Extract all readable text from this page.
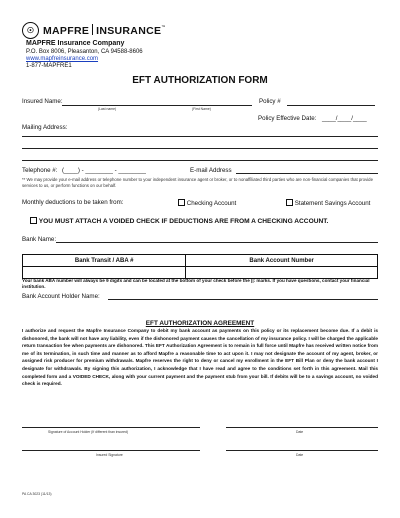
☉ MAPFRE INSURANCE™
MAPFRE Insurance Company
P.O. Box 8006, Pleasanton, CA 94588-8606
www.mapfreinsurance.com
1-877-MAPFRE1
EFT AUTHORIZATION FORM
Insured Name:
(Last name)	(First Name)
Policy #
Policy Effective Date: ____/____/____
Mailing Address:
Telephone #: (____) - ________ - ________	E-mail Address
** We may provide your e-mail address or telephone number to your independent insurance agent or broker, or to nonaffiliated third parties who are non-financial companies that provide services to us, or perform functions on our behalf.
Monthly deductions to be taken from:	Checking Account	Statement Savings Account
YOU MUST ATTACH A VOIDED CHECK IF DEDUCTIONS ARE FROM A CHECKING ACCOUNT.
Bank Name:
Bank Transit / ABA #	Bank Account Number

Your bank ABA number will always be 9 digits and can be located at the bottom of your check before the ||: marks. If you have questions, contact your financial institution.
Bank Account Holder Name:
EFT AUTHORIZATION AGREEMENT
I authorize and request the Mapfre Insurance Company to debit my bank account as payments on this policy or its replacement become due. If a debit is dishonored, the bank will not have any liability, even if the dishonored payment causes the cancellation of my insurance policy. I will be charged the applicable return transaction fee when payments are dishonored. This EFT Authorization Agreement is to remain in full force until Mapfre has received written notice from me of its termination, in such time and manner as to afford Mapfre a reasonable time to act upon it. I may not designate the account of my agent, broker, or assigned risk producer for premium withdrawals. Mapfre reserves the right to deny or cancel my enrollment in the EFT Bill Plan or deny the bank account I designate for withdrawals. By signing this authorization, I acknowledge that I have read and agree to the conditions set forth in this agreement. Mail this completed form and a VOIDED CHECK, along with your current payment and the payment stub from your bill. If debits will be to a savings account, no voided check is required.
Signature of Account Holder (If different than insured)	Date
Insured Signature	Date
PA CA 3023 (11/13)
